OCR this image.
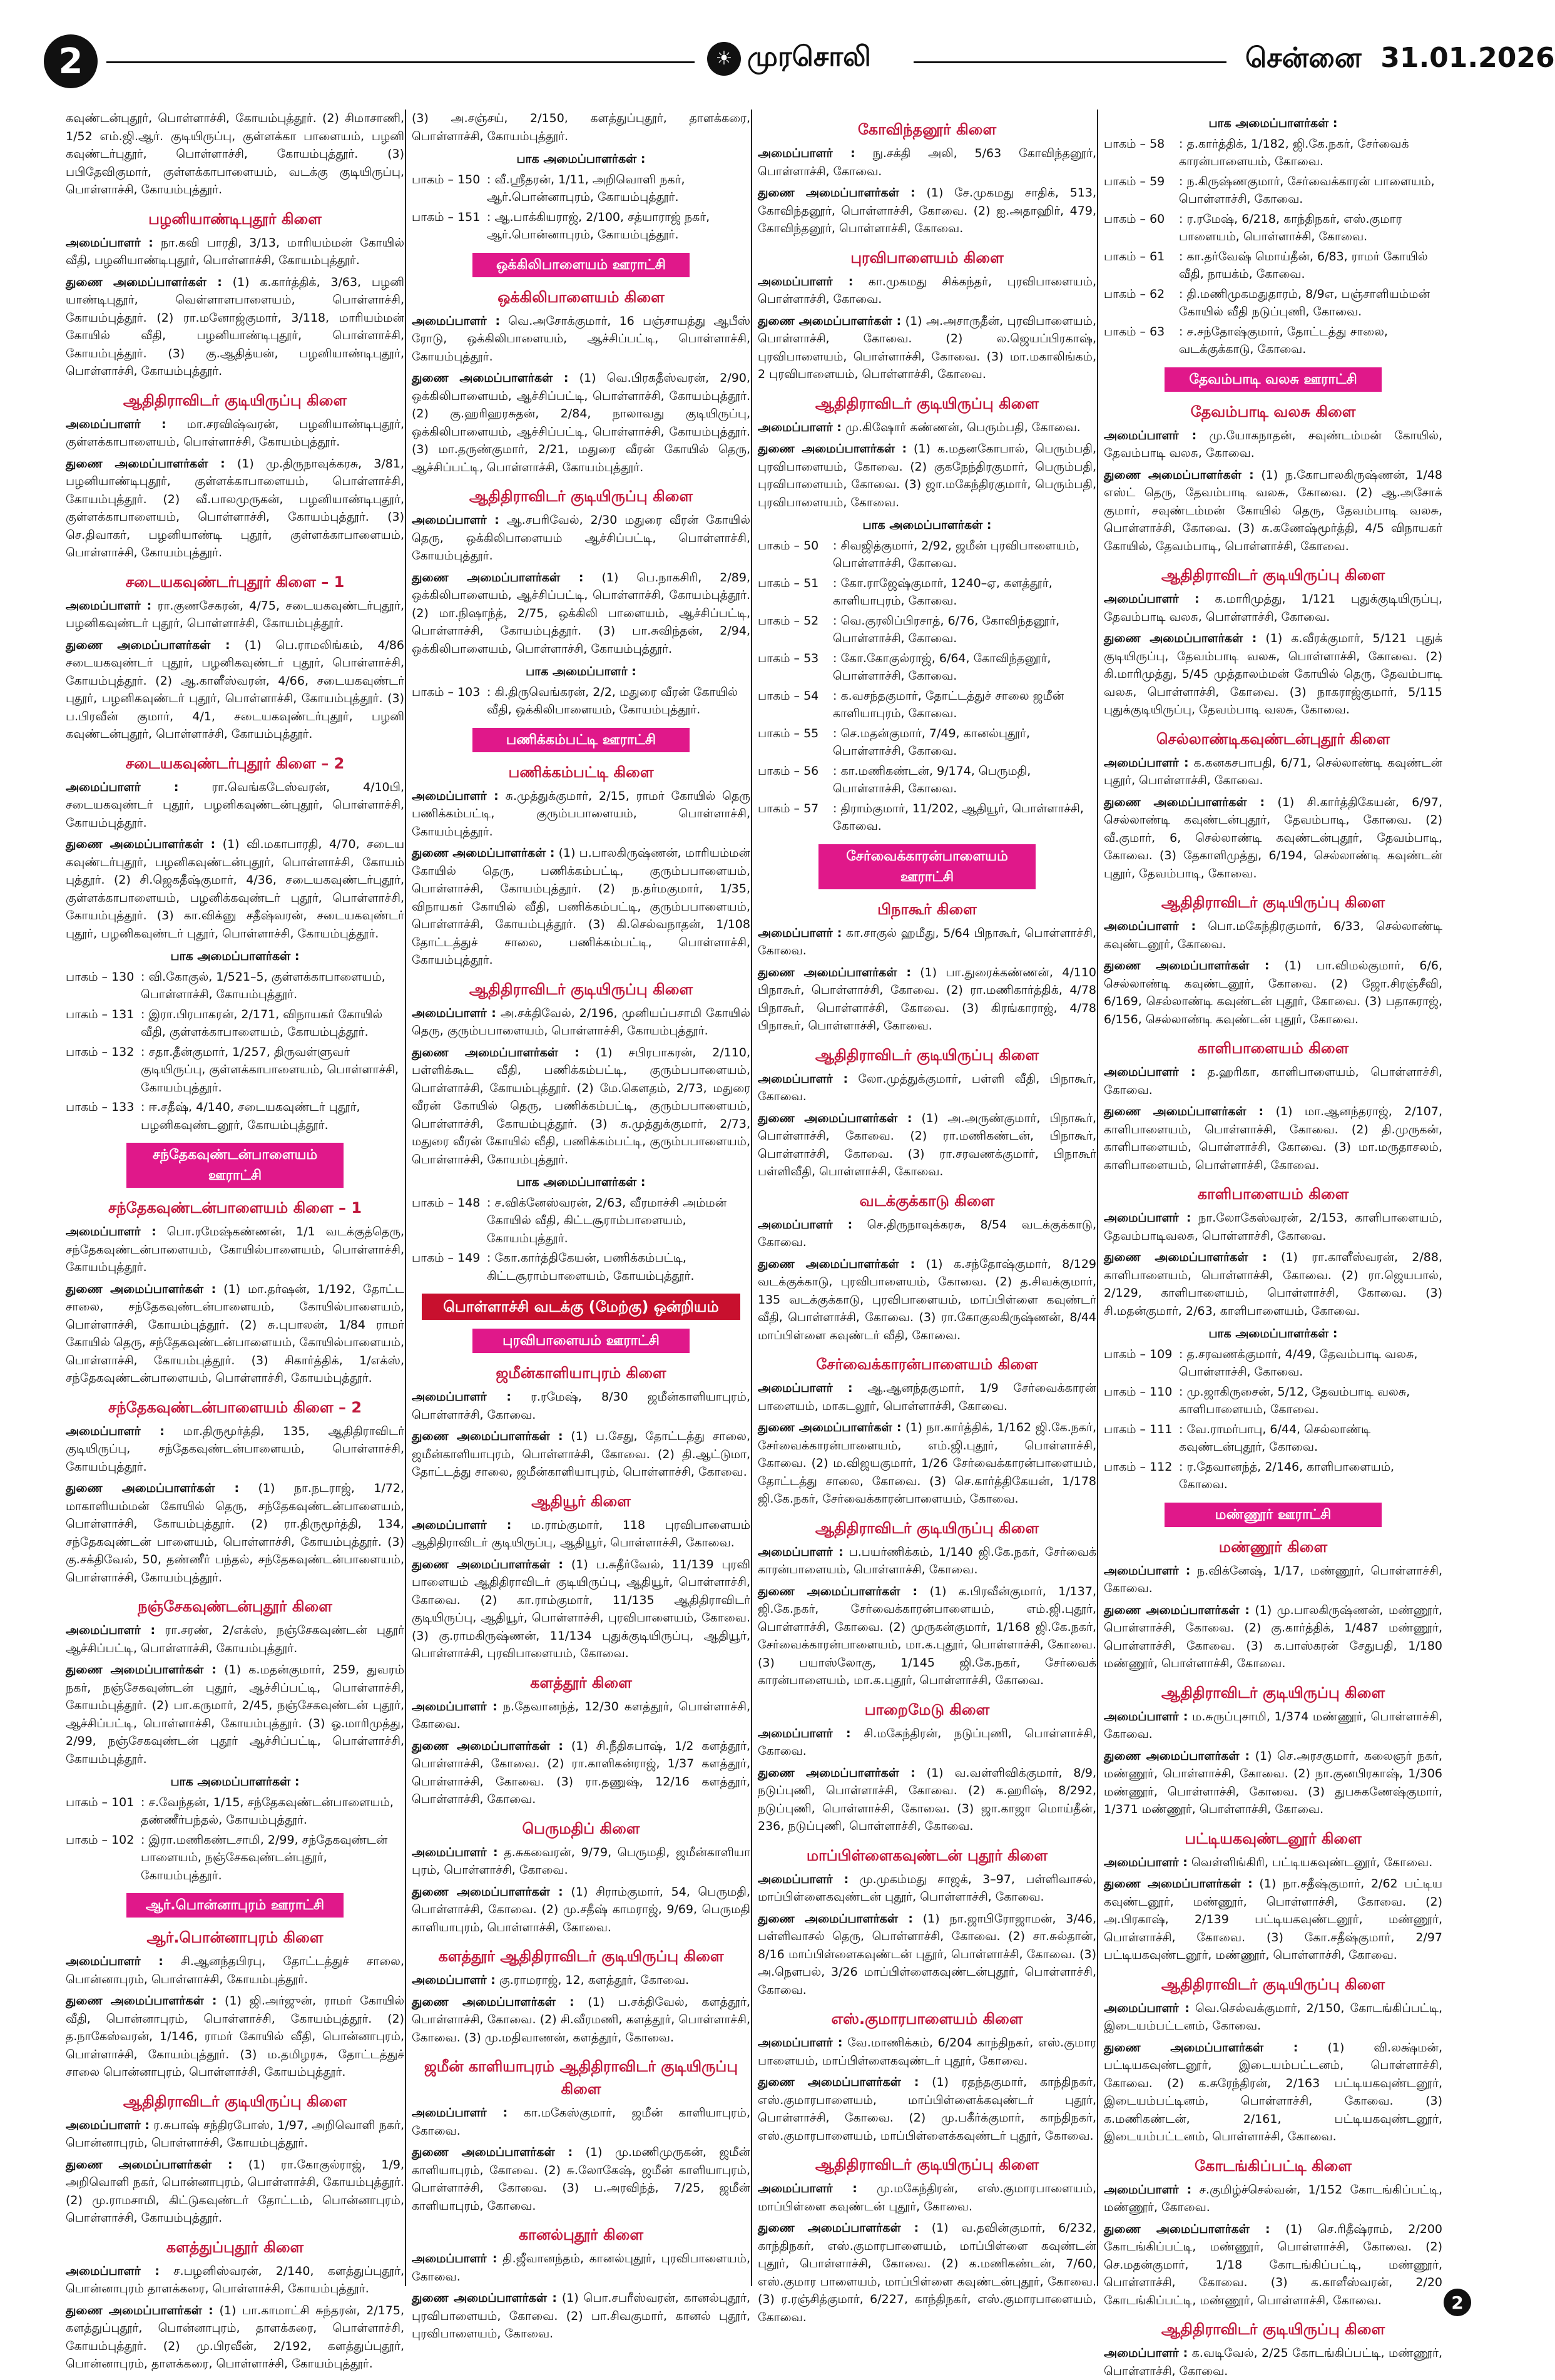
2	☀ முரசொலி	சென்னை 31.01.2026

கவுண்டன்புதூர், பொள்ளாச்சி, கோயம்புத்தூர். (2) சிமாசாணி, 1/52 எம்.ஜி.ஆர். குடியிருப்பு, குள்ளக்கா பாளையம், பழனி கவுண்டர்புதூர், பொள்ளாச்சி, கோயம்புத்தூர். (3) பபிதேவிகுமார், குள்ளக்காபாளையம், வடக்கு குடியிருப்பு, பொள்ளாச்சி, கோயம்புத்தூர்.

பழனியாண்டிபுதூர் கிளை

அமைப்பாளர் : நா.கவி பாரதி, 3/13, மாரியம்மன் கோயில் வீதி, பழனியாண்டிபுதூர், பொள்ளாச்சி, கோயம்புத்தூர்.

துணை அமைப்பாளர்கள் : (1) க.கார்த்திக், 3/63, பழனி யாண்டிபுதூர், வெள்ளாளபாளையம், பொள்ளாச்சி, கோயம்புத்தூர். (2) ரா.மனோஜ்குமார், 3/118, மாரியம்மன் கோயில் வீதி, பழனியாண்டிபுதூர், பொள்ளாச்சி, கோயம்புத்தூர். (3) கு.ஆதித்யன், பழனியாண்டிபுதூர், பொள்ளாச்சி, கோயம்புத்தூர்.

ஆதிதிராவிடர் குடியிருப்பு கிளை

அமைப்பாளர் : மா.சரவிஷ்வரன், பழனியாண்டிபுதூர், குள்ளக்காபாளையம், பொள்ளாச்சி, கோயம்புத்தூர்.

துணை அமைப்பாளர்கள் : (1) மு.திருநாவுக்கரசு, 3/81, பழனியாண்டிபுதூர், குள்ளக்காபாளையம், பொள்ளாச்சி, கோயம்புத்தூர். (2) வீ.பாலமுருகன், பழனியாண்டிபுதூர், குள்ளக்காபாளையம், பொள்ளாச்சி, கோயம்புத்தூர். (3) செ.திவாகர், பழனியாண்டி புதூர், குள்ளக்காபாளையம், பொள்ளாச்சி, கோயம்புத்தூர்.

சடையகவுண்டர்புதூர் கிளை – 1

அமைப்பாளர் : ரா.குணசேகரன், 4/75, சடையகவுண்டர்புதூர், பழனிகவுண்டர் புதூர், பொள்ளாச்சி, கோயம்புத்தூர்.

துணை அமைப்பாளர்கள் : (1) பெ.ராமலிங்கம், 4/86 சடையகவுண்டர் புதூர், பழனிகவுண்டர் புதூர், பொள்ளாச்சி, கோயம்புத்தூர். (2) ஆ.காளீஸ்வரன், 4/66, சடையகவுண்டர் புதூர், பழனிகவுண்டர் புதூர், பொள்ளாச்சி, கோயம்புத்தூர். (3) ப.பிரவீன் குமார், 4/1, சடையகவுண்டர்புதூர், பழனி கவுண்டன்புதூர், பொள்ளாச்சி, கோயம்புத்தூர்.

சடையகவுண்டர்புதூர் கிளை – 2

அமைப்பாளர் :	ரா.வெங்கடேஸ்வரன், 4/10பி, சடையகவுண்டர் புதூர், பழனிகவுண்டன்புதூர், பொள்ளாச்சி, கோயம்புத்தூர்.

துணை அமைப்பாளர்கள் : (1) வி.மகாபாரதி, 4/70, சடைய கவுண்டர்புதூர், பழனிகவுண்டன்புதூர், பொள்ளாச்சி, கோயம் புத்தூர். (2) சி.ஜெகதீஷ்குமார், 4/36, சடையகவுண்டர்புதூர், குள்ளக்காபாளையம், பழனிக்கவுண்டர் புதூர், பொள்ளாச்சி, கோயம்புத்தூர். (3) கா.விக்னு சதீஷ்வரன், சடையகவுண்டர் புதூர், பழனிகவுண்டர் புதூர், பொள்ளாச்சி, கோயம்புத்தூர்.

பாக அமைப்பாளர்கள் :
பாகம் – 130 : வி.கோகுல், 1/521–5, குள்ளக்காபாளையம், பொள்ளாச்சி, கோயம்புத்தூர்.
பாகம் – 131 : இரா.பிரபாகரன், 2/171, விநாயகர் கோயில் வீதி, குள்ளக்காபாளையம், கோயம்புத்தூர்.
பாகம் – 132 : சதா.தீன்குமார், 1/257, திருவள்ளுவர் குடியிருப்பு, குள்ளக்காபாளையம், பொள்ளாச்சி, கோயம்புத்தூர்.
பாகம் – 133 : ஈ.சதீஷ், 4/140, சடையகவுண்டர் புதூர், பழனிகவுண்டனூர், கோயம்புத்தூர்.
சந்தேகவுண்டன்பாளையம் ஊராட்சி
சந்தேகவுண்டன்பாளையம் கிளை – 1

அமைப்பாளர் : பொ.ரமேஷ்கண்ணன், 1/1 வடக்குத்தெரு, சந்தேகவுண்டன்பாளையம், கோயில்பாளையம், பொள்ளாச்சி, கோயம்புத்தூர்.

துணை அமைப்பாளர்கள் : (1) மா.தர்ஷன், 1/192, தோட்ட சாலை, சந்தேகவுண்டன்பாளையம், கோயில்பாளையம், பொள்ளாச்சி, கோயம்புத்தூர். (2) சு.புபாலன், 1/84 ராமர் கோயில் தெரு, சந்தேகவுண்டன்பாளையம், கோயில்பாளையம், பொள்ளாச்சி, கோயம்புத்தூர். (3) சிகார்த்திக், 1/எக்ஸ், சந்தேகவுண்டன்பாளையம், பொள்ளாச்சி, கோயம்புத்தூர்.

சந்தேகவுண்டன்பாளையம் கிளை – 2

அமைப்பாளர் : மா.திருமூர்த்தி, 135, ஆதிதிராவிடர் குடியிருப்பு, சந்தேகவுண்டன்பாளையம், பொள்ளாச்சி, கோயம்புத்தூர்.

துணை அமைப்பாளர்கள் : (1) நா.நடராஜ், 1/72, மாகாளியம்மன் கோயில் தெரு, சந்தேகவுண்டன்பாளையம், பொள்ளாச்சி, கோயம்புத்தூர். (2) ரா.திருமூர்த்தி, 134, சந்தேகவுண்டன் பாளையம், பொள்ளாச்சி, கோயம்புத்தூர். (3) கு.சக்திவேல், 50, தண்ணீர் பந்தல், சந்தேகவுண்டன்பாளையம், பொள்ளாச்சி, கோயம்புத்தூர்.

நஞ்சேகவுண்டன்புதூர் கிளை

அமைப்பாளர் : ரா.சரண், 2/எக்ஸ், நஞ்சேகவுண்டன் புதூர் ஆச்சிப்பட்டி, பொள்ளாச்சி, கோயம்புத்தூர்.

துணை அமைப்பாளர்கள் : (1) க.மதன்குமார், 259, துவரம் நகர், நஞ்சேகவுண்டன் புதூர், ஆச்சிப்பட்டி, பொள்ளாச்சி, கோயம்புத்தூர். (2) பா.கருமார், 2/45, நஞ்சேகவுண்டன் புதூர், ஆச்சிப்பட்டி, பொள்ளாச்சி, கோயம்புத்தூர். (3) ஓ.மாரிமுத்து, 2/99, நஞ்சேகவுண்டன் புதூர் ஆச்சிப்பட்டி, பொள்ளாச்சி, கோயம்புத்தூர்.

பாக அமைப்பாளர்கள் :
பாகம் – 101 : ச.வேந்தன், 1/15, சந்தேகவுண்டன்பாளையம், தண்ணீர்பந்தல், கோயம்புத்தூர்.
பாகம் – 102 : இரா.மணிகண்டசாமி, 2/99, சந்தேகவுண்டன் பாளையம், நஞ்சேகவுண்டன்புதூர், கோயம்புத்தூர்.
ஆர்.பொன்னாபுரம் ஊராட்சி
ஆர்.பொன்னாபுரம் கிளை

அமைப்பாளர் : சி.ஆனந்தபிரபு, தோட்டத்துச் சாலை, பொன்னாபுரம், பொள்ளாச்சி, கோயம்புத்தூர்.

துணை அமைப்பாளர்கள் : (1) ஜி.அர்ஜுன், ராமர் கோயில் வீதி, பொன்னாபுரம், பொள்ளாச்சி, கோயம்புத்தூர். (2) த.நாகேஸ்வரன், 1/146, ராமர் கோயில் வீதி, பொன்னாபுரம், பொள்ளாச்சி, கோயம்புத்தூர். (3) ம.தமிழரசு, தோட்டத்துச் சாலை பொன்னாபுரம், பொள்ளாச்சி, கோயம்புத்தூர்.

ஆதிதிராவிடர் குடியிருப்பு கிளை

அமைப்பாளர் : ர.சுபாஷ் சந்திரபோஸ், 1/97, அறிவொளி நகர், பொன்னாபுரம், பொள்ளாச்சி, கோயம்புத்தூர்.

துணை அமைப்பாளர்கள் : (1) ரா.கோகுல்ராஜ், 1/9, அறிவொளி நகர், பொன்னாபுரம், பொள்ளாச்சி, கோயம்புத்தூர். (2) மு.ராமசாமி, கிட்டுகவுண்டர் தோட்டம், பொன்னாபுரம், பொள்ளாச்சி, கோயம்புத்தூர்.

களத்துப்புதூர் கிளை

அமைப்பாளர் : ச.பழனிஸ்வரன், 2/140, களத்துப்புதூர், பொன்னாபுரம் தாளக்கரை, பொள்ளாச்சி, கோயம்புத்தூர்.

துணை அமைப்பாளர்கள் : (1) பா.காமாட்சி சுந்தரன், 2/175, களத்துப்புதூர், பொன்னாபுரம், தாளக்கரை, பொள்ளாச்சி, கோயம்புத்தூர். (2) மு.பிரவீன், 2/192, களத்துப்புதூர், பொன்னாபுரம், தாளக்கரை, பொள்ளாச்சி, கோயம்புத்தூர்.

(3) அ.சஞ்சய், 2/150, களத்துப்புதூர், தாளக்கரை, பொள்ளாச்சி, கோயம்புத்தூர்.

பாக அமைப்பாளர்கள் :
பாகம் – 150 : வீ.ஸ்ரீதரன், 1/11, அறிவொளி நகர், ஆர்.பொன்னாபுரம், கோயம்புத்தூர்.
பாகம் – 151 : ஆ.பாக்கியராஜ், 2/100, சத்யாராஜ் நகர், ஆர்.பொன்னாபுரம், கோயம்புத்தூர்.
ஒக்கிலிபாளையம் ஊராட்சி
ஒக்கிலிபாளையம் கிளை

அமைப்பாளர் : வெ.அசோக்குமார், 16 பஞ்சாயத்து ஆபீஸ் ரோடு, ஒக்கிலிபாளையம், ஆச்சிப்பட்டி, பொள்ளாச்சி, கோயம்புத்தூர்.

துணை அமைப்பாளர்கள் : (1) வெ.பிரகதீஸ்வரன், 2/90, ஒக்கிலிபாளையம், ஆச்சிப்பட்டி, பொள்ளாச்சி, கோயம்புத்தூர். (2) கு.ஹரிஹரசுதன், 2/84, நாலாவது குடியிருப்பு, ஒக்கிலிபாளையம், ஆச்சிப்பட்டி, பொள்ளாச்சி, கோயம்புத்தூர். (3) மா.தருண்குமார், 2/21, மதுரை வீரன் கோயில் தெரு, ஆச்சிப்பட்டி, பொள்ளாச்சி, கோயம்புத்தூர்.

ஆதிதிராவிடர் குடியிருப்பு கிளை

அமைப்பாளர் : ஆ.சபரிவேல், 2/30 மதுரை வீரன் கோயில் தெரு, ஒக்கிலிபாளையம் ஆச்சிப்பட்டி, பொள்ளாச்சி, கோயம்புத்தூர்.

துணை அமைப்பாளர்கள் : (1) பெ.நாகசிரி, 2/89, ஒக்கிலிபாளையம், ஆச்சிப்பட்டி, பொள்ளாச்சி, கோயம்புத்தூர். (2) மா.நிஷாந்த், 2/75, ஒக்கிலி பாளையம், ஆச்சிப்பட்டி, பொள்ளாச்சி, கோயம்புத்தூர். (3) பா.சுவிந்தன், 2/94, ஒக்கிலிபாளையம், பொள்ளாச்சி, கோயம்புத்தூர்.

பாக அமைப்பாளர் :
பாகம் – 103 : கி.திருவெங்கரன், 2/2, மதுரை வீரன் கோயில் வீதி, ஒக்கிலிபாளையம், கோயம்புத்தூர்.
பணிக்கம்பட்டி ஊராட்சி
பணிக்கம்பட்டி கிளை

அமைப்பாளர் : சு.முத்துக்குமார், 2/15, ராமர் கோயில் தெரு பணிக்கம்பட்டி, குரும்பபாளையம், பொள்ளாச்சி, கோயம்புத்தூர்.

துணை அமைப்பாளர்கள் : (1) ப.பாலகிருஷ்ணன், மாரியம்மன் கோயில் தெரு, பணிக்கம்பட்டி, குரும்பபாளையம், பொள்ளாச்சி, கோயம்புத்தூர். (2) ந.தர்மகுமார், 1/35, விநாயகர் கோயில் வீதி, பணிக்கம்பட்டி, குரும்பபாளையம், பொள்ளாச்சி, கோயம்புத்தூர். (3) கி.செல்வநாதன், 1/108 தோட்டத்துச் சாலை, பணிக்கம்பட்டி, பொள்ளாச்சி, கோயம்புத்தூர்.

ஆதிதிராவிடர் குடியிருப்பு கிளை

அமைப்பாளர் : அ.சக்திவேல், 2/196, முனியப்பசாமி கோயில் தெரு, குரும்பபாளையம், பொள்ளாச்சி, கோயம்புத்தூர்.

துணை அமைப்பாளர்கள் : (1) சபிரபாகரன், 2/110, பள்ளிக்கூட வீதி, பணிக்கம்பட்டி, குரும்பபாளையம், பொள்ளாச்சி, கோயம்புத்தூர். (2) மே.கௌதம், 2/73, மதுரை வீரன் கோயில் தெரு, பணிக்கம்பட்டி, குரும்பபாளையம், பொள்ளாச்சி, கோயம்புத்தூர். (3) சு.முத்துக்குமார், 2/73, மதுரை வீரன் கோயில் வீதி, பணிக்கம்பட்டி, குரும்பபாளையம், பொள்ளாச்சி, கோயம்புத்தூர்.

பாக அமைப்பாளர்கள் :
பாகம் – 148 : ச.விக்னேஸ்வரன், 2/63, வீரமாச்சி அம்மன் கோயில் வீதி, கிட்டசூராம்பாளையம், கோயம்புத்தூர்.
பாகம் – 149 : கோ.கார்த்திகேயன், பணிக்கம்பட்டி, கிட்டசூராம்பாளையம், கோயம்புத்தூர்.
பொள்ளாச்சி வடக்கு (மேற்கு) ஒன்றியம்
புரவிபாளையம் ஊராட்சி
ஜமீன்காளியாபுரம் கிளை

அமைப்பாளர் : ர.ரமேஷ், 8/30 ஜமீன்காளியாபுரம், பொள்ளாச்சி, கோவை.

துணை அமைப்பாளர்கள் : (1) ப.சேது, தோட்டத்து சாலை, ஜமீன்காளியாபுரம், பொள்ளாச்சி, கோவை. (2) தி.ஆட்டுமா, தோட்டத்து சாலை, ஜமீன்காளியாபுரம், பொள்ளாச்சி, கோவை.

ஆதியூர் கிளை

அமைப்பாளர் : ம.ராம்குமார், 118 புரவிபாளையம் ஆதிதிராவிடர் குடியிருப்பு, ஆதியூர், பொள்ளாச்சி, கோவை.

துணை அமைப்பாளர்கள் : (1) ப.சுதீர்வேல், 11/139 புரவி பாளையம் ஆதிதிராவிடர் குடியிருப்பு, ஆதியூர், பொள்ளாச்சி, கோவை. (2) கா.ராம்குமார், 11/135 ஆதிதிராவிடர் குடியிருப்பு, ஆதியூர், பொள்ளாச்சி, புரவிபாளையம், கோவை. (3) கு.ராமகிருஷ்ணன், 11/134 புதுக்குடியிருப்பு, ஆதியூர், பொள்ளாச்சி, புரவிபாளையம், கோவை.

களத்தூர் கிளை

அமைப்பாளர் : ந.தேவானந்த், 12/30 களத்தூர், பொள்ளாச்சி, கோவை.

துணை அமைப்பாளர்கள் : (1) சி.நீதிசுபாஷ், 1/2 களத்தூர், பொள்ளாச்சி, கோவை. (2) ரா.காளிகன்ராஜ், 1/37 களத்தூர், பொள்ளாச்சி, கோவை. (3) ரா.தணுஷ், 12/16 களத்தூர், பொள்ளாச்சி, கோவை.

பெருமதிப் கிளை

அமைப்பாளர் : த.சுகவைரன், 9/79, பெருமதி, ஜமீன்காளியா புரம், பொள்ளாச்சி, கோவை.

துணை அமைப்பாளர்கள் : (1) சிராம்குமார், 54, பெருமதி, பொள்ளாச்சி, கோவை. (2) மு.சதீஷ் காமராஜ், 9/69, பெருமதி காளியாபுரம், பொள்ளாச்சி, கோவை.

களத்தூர் ஆதிதிராவிடர் குடியிருப்பு கிளை

அமைப்பாளர் : கு.ராமராஜ், 12, களத்தூர், கோவை.

துணை அமைப்பாளர்கள் : (1) ப.சக்திவேல், களத்தூர், பொள்ளாச்சி, கோவை. (2) சி.வீரமணி, களத்தூர், பொள்ளாச்சி, கோவை. (3) மு.மதிவாணன், களத்தூர், கோவை.

ஜமீன் காளியாபுரம் ஆதிதிராவிடர் குடியிருப்பு கிளை

அமைப்பாளர் : கா.மகேஸ்குமார், ஜமீன் காளியாபுரம், கோவை.

துணை அமைப்பாளர்கள் : (1) மு.மணிமுருகன், ஜமீன் காளியாபுரம், கோவை. (2) சு.லோகேஷ், ஜமீன் காளியாபுரம், பொள்ளாச்சி, கோவை. (3) ப.அரவிந்த், 7/25, ஜமீன் காளியாபுரம், கோவை.

கானல்புதூர் கிளை

அமைப்பாளர் : தி.ஜீவானந்தம், கானல்புதூர், புரவிபாளையம், கோவை.

துணை அமைப்பாளர்கள் : (1) பொ.சபரீஸ்வரன், கானல்புதூர், புரவிபாளையம், கோவை. (2) பா.சிவகுமார், கானல் புதூர், புரவிபாளையம், கோவை.

கோவிந்தனூர் கிளை

அமைப்பாளர் : நு.சக்தி அலி, 5/63 கோவிந்தனூர், பொள்ளாச்சி, கோவை.

துணை அமைப்பாளர்கள் : (1) சே.முகமது சாதிக், 513, கோவிந்தனூர், பொள்ளாச்சி, கோவை. (2) ஐ.அதாஹிர், 479, கோவிந்தனூர், பொள்ளாச்சி, கோவை.

புரவிபாளையம் கிளை

அமைப்பாளர் : கா.முகமது சிக்கந்தர், புரவிபாளையம், பொள்ளாச்சி, கோவை.

துணை அமைப்பாளர்கள் : (1) அ.அசாருதீன், புரவிபாளையம், பொள்ளாச்சி, கோவை. (2) ல.ஜெயப்பிரகாஷ், புரவிபாளையம், பொள்ளாச்சி, கோவை. (3) மா.மகாலிங்கம், 2 புரவிபாளையம், பொள்ளாச்சி, கோவை.

ஆதிதிராவிடர் குடியிருப்பு கிளை

அமைப்பாளர் : மு.கிஷோர் கண்ணன், பெரும்பதி, கோவை.

துணை அமைப்பாளர்கள் : (1) க.மதனகோபால், பெரும்பதி, புரவிபாளையம், கோவை. (2) குகநேந்திரகுமார், பெரும்பதி, புரவிபாளையம், கோவை. (3) ஜா.மகேந்திரகுமார், பெரும்பதி, புரவிபாளையம், கோவை.

பாக அமைப்பாளர்கள் :
பாகம் – 50	: சிவஜித்குமார், 2/92, ஜமீன் புரவிபாளையம், பொள்ளாச்சி, கோவை.
பாகம் – 51	: கோ.ராஜேஷ்குமார், 1240–ஏ, களத்தூர், காளியாபுரம், கோவை.
பாகம் – 52	: வெ.குரலிப்பிரசாத், 6/76, கோவிந்தனூர், பொள்ளாச்சி, கோவை.
பாகம் – 53	: கோ.கோகுல்ராஜ், 6/64, கோவிந்தனூர், பொள்ளாச்சி, கோவை.
பாகம் – 54	: க.வசந்தகுமார், தோட்டத்துச் சாலை ஜமீன் காளியாபுரம், கோவை.
பாகம் – 55	: செ.மதன்குமார், 7/49, கானல்புதூர், பொள்ளாச்சி, கோவை.
பாகம் – 56	: கா.மணிகண்டன், 9/174, பெருமதி, பொள்ளாச்சி, கோவை.
பாகம் – 57	: திராம்குமார், 11/202, ஆதியூர், பொள்ளாச்சி, கோவை.
சேர்வைக்காரன்பாளையம் ஊராட்சி
பிநாகூர் கிளை

அமைப்பாளர் : கா.சாகுல் ஹமீது, 5/64 பிநாகூர், பொள்ளாச்சி, கோவை.

துணை அமைப்பாளர்கள் : (1) பா.துரைக்கண்ணன், 4/110 பிநாகூர், பொள்ளாச்சி, கோவை. (2) ரா.மணிகார்த்திக், 4/78 பிநாகூர், பொள்ளாச்சி, கோவை. (3) கிரங்காராஜ், 4/78 பிநாகூர், பொள்ளாச்சி, கோவை.

ஆதிதிராவிடர் குடியிருப்பு கிளை

அமைப்பாளர் : லோ.முத்துக்குமார், பள்ளி வீதி, பிநாகூர், கோவை.

துணை அமைப்பாளர்கள் : (1) அ.அருண்குமார், பிநாகூர், பொள்ளாச்சி, கோவை. (2) ரா.மணிகண்டன், பிநாகூர், பொள்ளாச்சி, கோவை. (3) ரா.சரவணக்குமார், பிநாகூர் பள்ளிவீதி, பொள்ளாச்சி, கோவை.

வடக்குக்காடு கிளை

அமைப்பாளர் : செ.திருநாவுக்கரசு, 8/54 வடக்குக்காடு, கோவை.

துணை அமைப்பாளர்கள் : (1) க.சந்தோஷ்குமார், 8/129 வடக்குக்காடு, புரவிபாளையம், கோவை. (2) த.சிவக்குமார், 135 வடக்குக்காடு, புரவிபாளையம், மாப்பிள்ளை கவுண்டர் வீதி, பொள்ளாச்சி, கோவை. (3) ரா.கோகுலகிருஷ்ணன், 8/44 மாப்பிள்ளை கவுண்டர் வீதி, கோவை.

சேர்வைக்காரன்பாளையம் கிளை

அமைப்பாளர் : ஆ.ஆனந்தகுமார், 1/9 சேர்வைக்காரன் பாளையம், மாகடலூர், பொள்ளாச்சி, கோவை.

துணை அமைப்பாளர்கள் : (1) நா.கார்த்திக், 1/162 ஜி.கே.நகர், சேர்வைக்காரன்பாளையம், எம்.ஜி.புதூர், பொள்ளாச்சி, கோவை. (2) ம.விஜயகுமார், 1/26 சேர்வைக்காரன்பாளையம், தோட்டத்து சாலை, கோவை. (3) செ.கார்த்திகேயன், 1/178 ஜி.கே.நகர், சேர்வைக்காரன்பாளையம், கோவை.

ஆதிதிராவிடர் குடியிருப்பு கிளை

அமைப்பாளர் : ப.பயர்ணிக்கம், 1/140 ஜி.கே.நகர், சேர்வைக் காரன்பாளையம், பொள்ளாச்சி, கோவை.

துணை அமைப்பாளர்கள் : (1) க.பிரவீன்குமார், 1/137, ஜி.கே.நகர், சேர்வைக்காரன்பாளையம், எம்.ஜி.புதூர், பொள்ளாச்சி, கோவை. (2) முருகன்குமார், 1/168 ஜி.கே.நகர், சேர்வைக்காரன்பாளையம், மா.க.புதூர், பொள்ளாச்சி, கோவை. (3) பயாஸ்லோகு, 1/145 ஜி.கே.நகர், சேர்வைக் காரன்பாளையம், மா.க.புதூர், பொள்ளாச்சி, கோவை.

பாறைமேடு கிளை

அமைப்பாளர் : சி.மகேந்திரன், நடுப்புணி, பொள்ளாச்சி, கோவை.

துணை அமைப்பாளர்கள் : (1) வ.வள்ளிவிக்குமார், 8/9, நடுப்புணி, பொள்ளாச்சி, கோவை. (2) க.ஹரிஷ், 8/292, நடுப்புணி, பொள்ளாச்சி, கோவை. (3) ஜா.காஜா மொய்தீன், 236, நடுப்புணி, பொள்ளாச்சி, கோவை.

மாப்பிள்ளைகவுண்டன் புதூர் கிளை

அமைப்பாளர் : மு.முகம்மது சாஜக், 3–97, பள்ளிவாசல், மாப்பிள்ளைகவுண்டன் புதூர், பொள்ளாச்சி, கோவை.

துணை அமைப்பாளர்கள் : (1) நா.ஜாபிரோஜாமன், 3/46, பள்ளிவாசல் தெரு, பொள்ளாச்சி, கோவை. (2) சா.சுல்தான், 8/16 மாப்பிள்ளைகவுண்டன் புதூர், பொள்ளாச்சி, கோவை. (3) அ.நௌபல், 3/26 மாப்பிள்ளைகவுண்டன்புதூர், பொள்ளாச்சி, கோவை.

எஸ்.குமாரபாளையம் கிளை

அமைப்பாளர் : வே.மாணிக்கம், 6/204 காந்திநகர், எஸ்.குமார பாளையம், மாப்பிள்ளைகவுண்டர் புதூர், கோவை.

துணை அமைப்பாளர்கள் : (1) ரதந்தகுமார், காந்திநகர், எஸ்.குமாரபாளையம், மாப்பிள்ளைக்கவுண்டர் புதூர், பொள்ளாச்சி, கோவை. (2) மு.பகீர்க்குமார், காந்திநகர், எஸ்.குமாரபாளையம், மாப்பிள்ளைக்கவுண்டர் புதூர், கோவை.

ஆதிதிராவிடர் குடியிருப்பு கிளை

அமைப்பாளர் : மு.மகேந்திரன், எஸ்.குமாரபாளையம், மாப்பிள்ளை கவுண்டன் புதூர், கோவை.

துணை அமைப்பாளர்கள் : (1) வ.தவின்குமார், 6/232, காந்திநகர், எஸ்.குமாரபாளையம், மாப்பிள்ளை கவுண்டன் புதூர், பொள்ளாச்சி, கோவை. (2) க.மணிகண்டன், 7/60, எஸ்.குமார பாளையம், மாப்பிள்ளை கவுண்டன்புதூர், கோவை. (3) ர.ரஞ்சித்குமார், 6/227, காந்திநகர், எஸ்.குமாரபாளையம், கோவை.

பாக அமைப்பாளர்கள் :
பாகம் – 58	: த.கார்த்திக், 1/182, ஜி.கே.நகர், சேர்வைக் காரன்பாளையம், கோவை.
பாகம் – 59	: ந.கிருஷ்ணகுமார், சேர்வைக்காரன் பாளையம், பொள்ளாச்சி, கோவை.
பாகம் – 60	: ர.ரமேஷ், 6/218, காந்திநகர், எஸ்.குமார பாளையம், பொள்ளாச்சி, கோவை.
பாகம் – 61	: கா.தர்வேஷ் மொய்தீன், 6/83, ராமர் கோயில் வீதி, நாயக்ம், கோவை.
பாகம் – 62	: தி.மணிமுகமதுதாரம், 8/9எ, பஞ்சாளியம்மன் கோயில் வீதி நடுப்புணி, கோவை.
பாகம் – 63	: ச.சந்தோஷ்குமார், தோட்டத்து சாலை, வடக்குக்காடு, கோவை.
தேவம்பாடி வலசு ஊராட்சி
தேவம்பாடி வலசு கிளை

அமைப்பாளர் : மு.யோகநாதன், சவுண்டம்மன் கோயில், தேவம்பாடி வலசு, கோவை.

துணை அமைப்பாளர்கள் : (1) ந.கோபாலகிருஷ்ணன், 1/48 எஸ்ட் தெரு, தேவம்பாடி வலசு, கோவை. (2) ஆ.அசோக் குமார், சவுண்டம்மன் கோயில் தெரு, தேவம்பாடி வலசு, பொள்ளாச்சி, கோவை. (3) சு.கணேஷ்மூர்த்தி, 4/5 விநாயகர் கோயில், தேவம்பாடி, பொள்ளாச்சி, கோவை.

ஆதிதிராவிடர் குடியிருப்பு கிளை

அமைப்பாளர் : க.மாரிமுத்து, 1/121 புதுக்குடியிருப்பு, தேவம்பாடி வலசு, பொள்ளாச்சி, கோவை.

துணை அமைப்பாளர்கள் : (1) க.வீரக்குமார், 5/121 புதுக் குடியிருப்பு, தேவம்பாடி வலசு, பொள்ளாச்சி, கோவை. (2) கி.மாரிமுத்து, 5/45 முத்தாலம்மன் கோயில் தெரு, தேவம்பாடி வலசு, பொள்ளாச்சி, கோவை. (3) நாகராஜ்குமார், 5/115 புதுக்குடியிருப்பு, தேவம்பாடி வலசு, கோவை.

செல்லாண்டிகவுண்டன்புதூர் கிளை

அமைப்பாளர் : க.கனகசபாபதி, 6/71, செல்லாண்டி கவுண்டன் புதூர், பொள்ளாச்சி, கோவை.

துணை அமைப்பாளர்கள் : (1) சி.கார்த்திகேயன், 6/97, செல்லாண்டி கவுண்டன்புதூர், தேவம்பாடி, கோவை. (2) வீ.குமார், 6, செல்லாண்டி கவுண்டன்புதூர், தேவம்பாடி, கோவை. (3) தேகாளிமுத்து, 6/194, செல்லாண்டி கவுண்டன் புதூர், தேவம்பாடி, கோவை.

ஆதிதிராவிடர் குடியிருப்பு கிளை

அமைப்பாளர் : பொ.மகேந்திரகுமார், 6/33, செல்லாண்டி கவுண்டனூர், கோவை.

துணை அமைப்பாளர்கள் : (1) பா.விமல்குமார், 6/6, செல்லாண்டி கவுண்டனூர், கோவை. (2) ஜோ.சிரஞ்சீவி, 6/169, செல்லாண்டி கவுண்டன் புதூர், கோவை. (3) பதாசுராஜ், 6/156, செல்லாண்டி கவுண்டன் புதூர், கோவை.

காளிபாளையம் கிளை

அமைப்பாளர் : த.ஹரிகா, காளிபாளையம், பொள்ளாச்சி, கோவை.

துணை அமைப்பாளர்கள் : (1) மா.ஆனந்தராஜ், 2/107, காளிபாளையம், பொள்ளாச்சி, கோவை. (2) தி.முருகன், காளிபாளையம், பொள்ளாச்சி, கோவை. (3) மா.மருதாசலம், காளிபாளையம், பொள்ளாச்சி, கோவை.

காளிபாளையம் கிளை

அமைப்பாளர் : நா.லோகேஸ்வரன், 2/153, காளிபாளையம், தேவம்பாடிவலசு, பொள்ளாச்சி, கோவை.

துணை அமைப்பாளர்கள் : (1) ரா.காளீஸ்வரன், 2/88, காளிபாளையம், பொள்ளாச்சி, கோவை. (2) ரா.ஜெயபால், 2/129, காளிபாளையம், பொள்ளாச்சி, கோவை. (3) சி.மதன்குமார், 2/63, காளிபாளையம், கோவை.

பாக அமைப்பாளர்கள் :
பாகம் – 109 : த.சரவணக்குமார், 4/49, தேவம்பாடி வலசு, பொள்ளாச்சி, கோவை.
பாகம் – 110 : மு.ஜாகிருசைன், 5/12, தேவம்பாடி வலசு, காளிபாளையம், கோவை.
பாகம் – 111 : வே.ராமர்பாபு, 6/44, செல்லாண்டி கவுண்டன்புதூர், கோவை.
பாகம் – 112 : ர.தேவானந்த், 2/146, காளிபாளையம், கோவை.
மண்ணூர் ஊராட்சி
மண்ணூர் கிளை

அமைப்பாளர் : ந.விக்னேஷ், 1/17, மண்ணூர், பொள்ளாச்சி, கோவை.

துணை அமைப்பாளர்கள் : (1) மு.பாலகிருஷ்ணன், மண்ணூர், பொள்ளாச்சி, கோவை. (2) கு.கார்த்திக், 1/487 மண்ணூர், பொள்ளாச்சி, கோவை. (3) க.பாஸ்கரன் சேதுபதி, 1/180 மண்ணூர், பொள்ளாச்சி, கோவை.

ஆதிதிராவிடர் குடியிருப்பு கிளை

அமைப்பாளர் : ம.சுருப்புசாமி, 1/374 மண்ணூர், பொள்ளாச்சி, கோவை.

துணை அமைப்பாளர்கள் : (1) செ.அரசகுமார், கலைஞர் நகர், மண்ணூர், பொள்ளாச்சி, கோவை. (2) நா.குனபிரகாஷ், 1/306 மண்ணூர், பொள்ளாச்சி, கோவை. (3) துபசுகணேஷ்குமார், 1/371 மண்ணூர், பொள்ளாச்சி, கோவை.

பட்டியகவுண்டனூர் கிளை

அமைப்பாளர் : வெள்ளிங்கிரி, பட்டியகவுண்டனூர், கோவை.

துணை அமைப்பாளர்கள் : (1) நா.சதீஷ்குமார், 2/62 பட்டிய கவுண்டனூர், மண்ணூர், பொள்ளாச்சி, கோவை. (2) அ.பிரகாஷ், 2/139 பட்டியகவுண்டனூர், மண்ணூர், பொள்ளாச்சி, கோவை. (3) கோ.சதீஷ்குமார், 2/97 பட்டியகவுண்டனூர், மண்ணூர், பொள்ளாச்சி, கோவை.

ஆதிதிராவிடர் குடியிருப்பு கிளை

அமைப்பாளர் : வெ.செல்வக்குமார், 2/150, கோடங்கிப்பட்டி, இடையம்பட்டனம், கோவை.

துணை அமைப்பாளர்கள் : (1) வி.லக்ஷ்மன், பட்டியகவுண்டனூர், இடையம்பட்டனம், பொள்ளாச்சி, கோவை. (2) க.சுரேந்திரன், 2/163 பட்டியகவுண்டனூர், இடையம்பட்டினம், பொள்ளாச்சி, கோவை. (3) க.மணிகண்டன், 2/161, பட்டியகவுண்டனூர், இடையம்பட்டனம், பொள்ளாச்சி, கோவை.

கோடங்கிப்பட்டி கிளை

அமைப்பாளர் : ச.குமிழ்ச்செல்வன், 1/152 கோடங்கிப்பட்டி, மண்ணூர், கோவை.

துணை அமைப்பாளர்கள் : (1) செ.ரிதீஷ்ராம், 2/200 கோடங்கிப்பட்டி, மண்ணூர், பொள்ளாச்சி, கோவை. (2) செ.மதன்குமார், 1/18 கோடங்கிப்பட்டி, மண்ணூர், பொள்ளாச்சி, கோவை. (3) க.காளீஸ்வரன், 2/20 கோடங்கிப்பட்டி, மண்ணூர், பொள்ளாச்சி, கோவை.

ஆதிதிராவிடர் குடியிருப்பு கிளை

அமைப்பாளர் : க.வடிவேல், 2/25 கோடங்கிப்பட்டி, மண்ணூர், பொள்ளாச்சி, கோவை.

2
